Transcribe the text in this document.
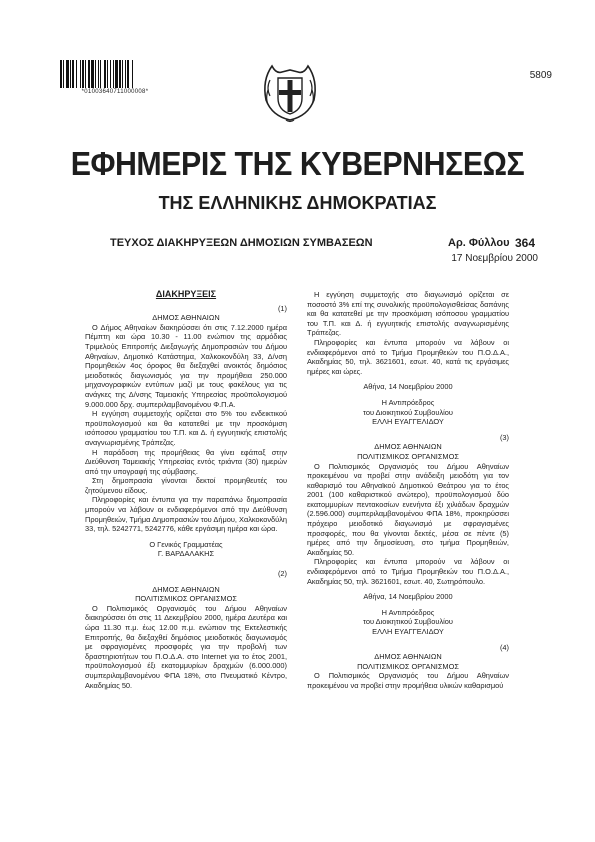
*01003640711000008*
5809
ΕΦΗΜΕΡΙΣ ΤΗΣ ΚΥΒΕΡΝΗΣΕΩΣ
ΤΗΣ ΕΛΛΗΝΙΚΗΣ ΔΗΜΟΚΡΑΤΙΑΣ
ΤΕΥΧΟΣ ΔΙΑΚΗΡΥΞΕΩΝ ΔΗΜΟΣΙΩΝ ΣΥΜΒΑΣΕΩΝ	Αρ. Φύλλου 364
17 Νοεμβρίου 2000
ΔΙΑΚΗΡΥΞΕΙΣ

(1)

ΔΗΜΟΣ ΑΘΗΝΑΙΩΝ

Ο Δήμος Αθηναίων διακηρύσσει ότι στις 7.12.2000 ημέρα Πέμπτη και ώρα 10.30 - 11.00 ενώπιον της αρμόδιας Τριμελούς Επιτροπής Διεξαγωγής Δημοπρασιών του Δήμου Αθηναίων, Δημοτικό Κατάστημα, Χαλκοκονδύλη 33, Δ/νση Προμηθειών 4ος όροφος θα διεξαχθεί ανοικτός δημόσιος μειοδοτικός διαγωνισμός για την προμήθεια 250.000 μηχανογραφικών εντύπων μαζί με τους φακέλους για τις ανάγκες της Δ/νσης Ταμειακής Υπηρεσίας προϋπολογισμού 9.000.000 δρχ. συμπεριλαμβανομένου Φ.Π.Α.

Η εγγύηση συμμετοχής ορίζεται στο 5% του ενδεικτικού προϋπολογισμού και θα κατατεθεί με την προσκόμιση ισόποσου γραμματίου του Τ.Π. και Δ. ή εγγυητικής επιστολής αναγνωρισμένης Τράπεζας.

Η παράδοση της προμήθειας θα γίνει εφάπαξ στην Διεύθυνση Ταμειακής Υπηρεσίας εντός τριάντα (30) ημερών από την υπογραφή της σύμβασης.

Στη δημοπρασία γίνονται δεκτοί προμηθευτές του ζητούμενου είδους.

Πληροφορίες και έντυπα για την παραπάνω δημοπρασία μπορούν να λάβουν οι ενδιαφερόμενοι από την Διεύθυνση Προμηθειών, Τμήμα Δημοπρασιών του Δήμου, Χαλκοκονδύλη 33, τηλ. 5242771, 5242776, κάθε εργάσιμη ημέρα και ώρα.

Ο Γενικός Γραμματέας

Γ. ΒΑΡΔΑΛΑΚΗΣ

(2)

ΔΗΜΟΣ ΑΘΗΝΑΙΩΝ

ΠΟΛΙΤΙΣΜΙΚΟΣ ΟΡΓΑΝΙΣΜΟΣ

Ο Πολιτισμικός Οργανισμός του Δήμου Αθηναίων διακηρύσσει ότι στις 11 Δεκεμβρίου 2000, ημέρα Δευτέρα και ώρα 11.30 π.μ. έως 12.00 π.μ. ενώπιον της Εκτελεστικής Επιτροπής, θα διεξαχθεί δημόσιος μειοδοτικός διαγωνισμός με σφραγισμένες προσφορές για την προβολή των δραστηριοτήτων του Π.Ο.Δ.Α. στο Internet για το έτος 2001, προϋπολογισμού έξι εκατομμυρίων δραχμών (6.000.000) συμπεριλαμβανομένου ΦΠΑ 18%, στο Πνευματικό Κέντρο, Ακαδημίας 50.

Η εγγύηση συμμετοχής στο διαγωνισμό ορίζεται σε ποσοστό 3% επί της συνολικής προϋπολογισθείσας δαπάνης και θα κατατεθεί με την προσκόμιση ισόποσου γραμματίου του Τ.Π. και Δ. ή εγγυητικής επιστολής αναγνωρισμένης Τράπεζας.

Πληροφορίες και έντυπα μπορούν να λάβουν οι ενδιαφερόμενοι από το Τμήμα Προμηθειών του Π.Ο.Δ.Α., Ακαδημίας 50, τηλ. 3621601, εσωτ. 40, κατά τις εργάσιμες ημέρες και ώρες.

Αθήνα, 14 Νοεμβρίου 2000

Η Αντιπρόεδρος

του Διοικητικού Συμβουλίου

ΕΛΛΗ ΕΥΑΓΓΕΛΙΔΟΥ

(3)

ΔΗΜΟΣ ΑΘΗΝΑΙΩΝ

ΠΟΛΙΤΙΣΜΙΚΟΣ ΟΡΓΑΝΙΣΜΟΣ

Ο Πολιτισμικός Οργανισμός του Δήμου Αθηναίων προκειμένου να προβεί στην ανάδειξη μειοδότη για τον καθαρισμό του Αθηναϊκού Δημοτικού Θεάτρου για το έτος 2001 (100 καθαριστικού ανώτερο), προϋπολογισμού δύο εκατομμυρίων πεντακοσίων ενενήντα έξι χιλιάδων δραχμών (2.596.000) συμπεριλαμβανομένου ΦΠΑ 18%, προκηρύσσει πρόχειρο μειοδοτικό διαγωνισμό με σφραγισμένες προσφορές, που θα γίνονται δεκτές, μέσα σε πέντε (5) ημέρες από την δημοσίευση, στο τμήμα Προμηθειών, Ακαδημίας 50.

Πληροφορίες και έντυπα μπορούν να λάβουν οι ενδιαφερόμενοι από το Τμήμα Προμηθειών του Π.Ο.Δ.Α., Ακαδημίας 50, τηλ. 3621601, εσωτ. 40, Σωτηρόπουλο.

Αθήνα, 14 Νοεμβρίου 2000

Η Αντιπρόεδρος

του Διοικητικού Συμβουλίου

ΕΛΛΗ ΕΥΑΓΓΕΛΙΔΟΥ

(4)

ΔΗΜΟΣ ΑΘΗΝΑΙΩΝ

ΠΟΛΙΤΙΣΜΙΚΟΣ ΟΡΓΑΝΙΣΜΟΣ

Ο Πολιτισμικός Οργανισμός του Δήμου Αθηναίων προκειμένου να προβεί στην προμήθεια υλικών καθαρισμού
